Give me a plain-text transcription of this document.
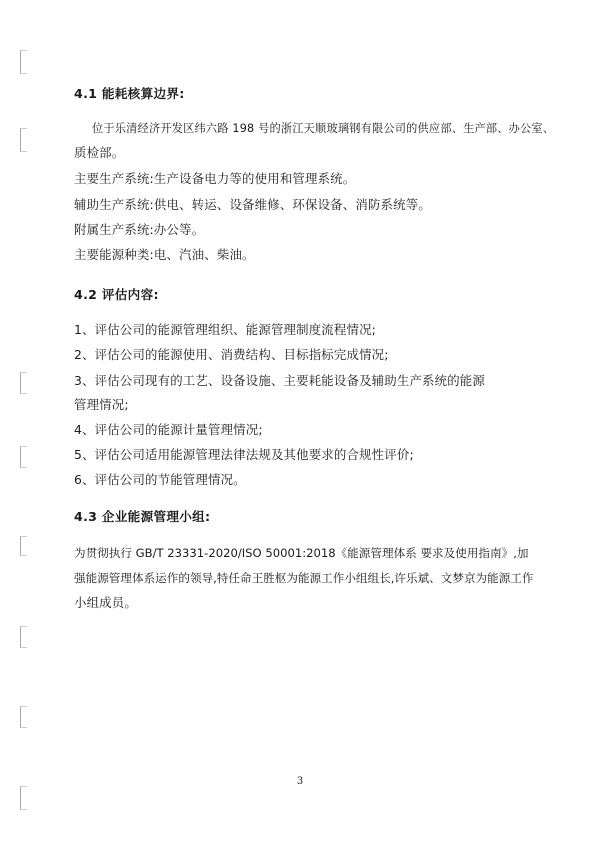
4.1 能耗核算边界:
位于乐清经济开发区纬六路 198 号的浙江天顺玻璃钢有限公司的供应部、生产部、办公室、
质检部。
主要生产系统:生产设备电力等的使用和管理系统。
辅助生产系统:供电、转运、设备维修、环保设备、消防系统等。
附属生产系统:办公等。
主要能源种类:电、汽油、柴油。
4.2 评估内容:
1、评估公司的能源管理组织、能源管理制度流程情况;
2、评估公司的能源使用、消费结构、目标指标完成情况;
3、评估公司现有的工艺、设备设施、主要耗能设备及辅助生产系统的能源
管理情况;
4、评估公司的能源计量管理情况;
5、评估公司适用能源管理法律法规及其他要求的合规性评价;
6、评估公司的节能管理情况。
4.3 企业能源管理小组:
为贯彻执行 GB/T 23331-2020/ISO 50001:2018《能源管理体系 要求及使用指南》,加
强能源管理体系运作的领导,特任命王胜枢为能源工作小组组长,许乐斌、文梦京为能源工作
小组成员。
3
